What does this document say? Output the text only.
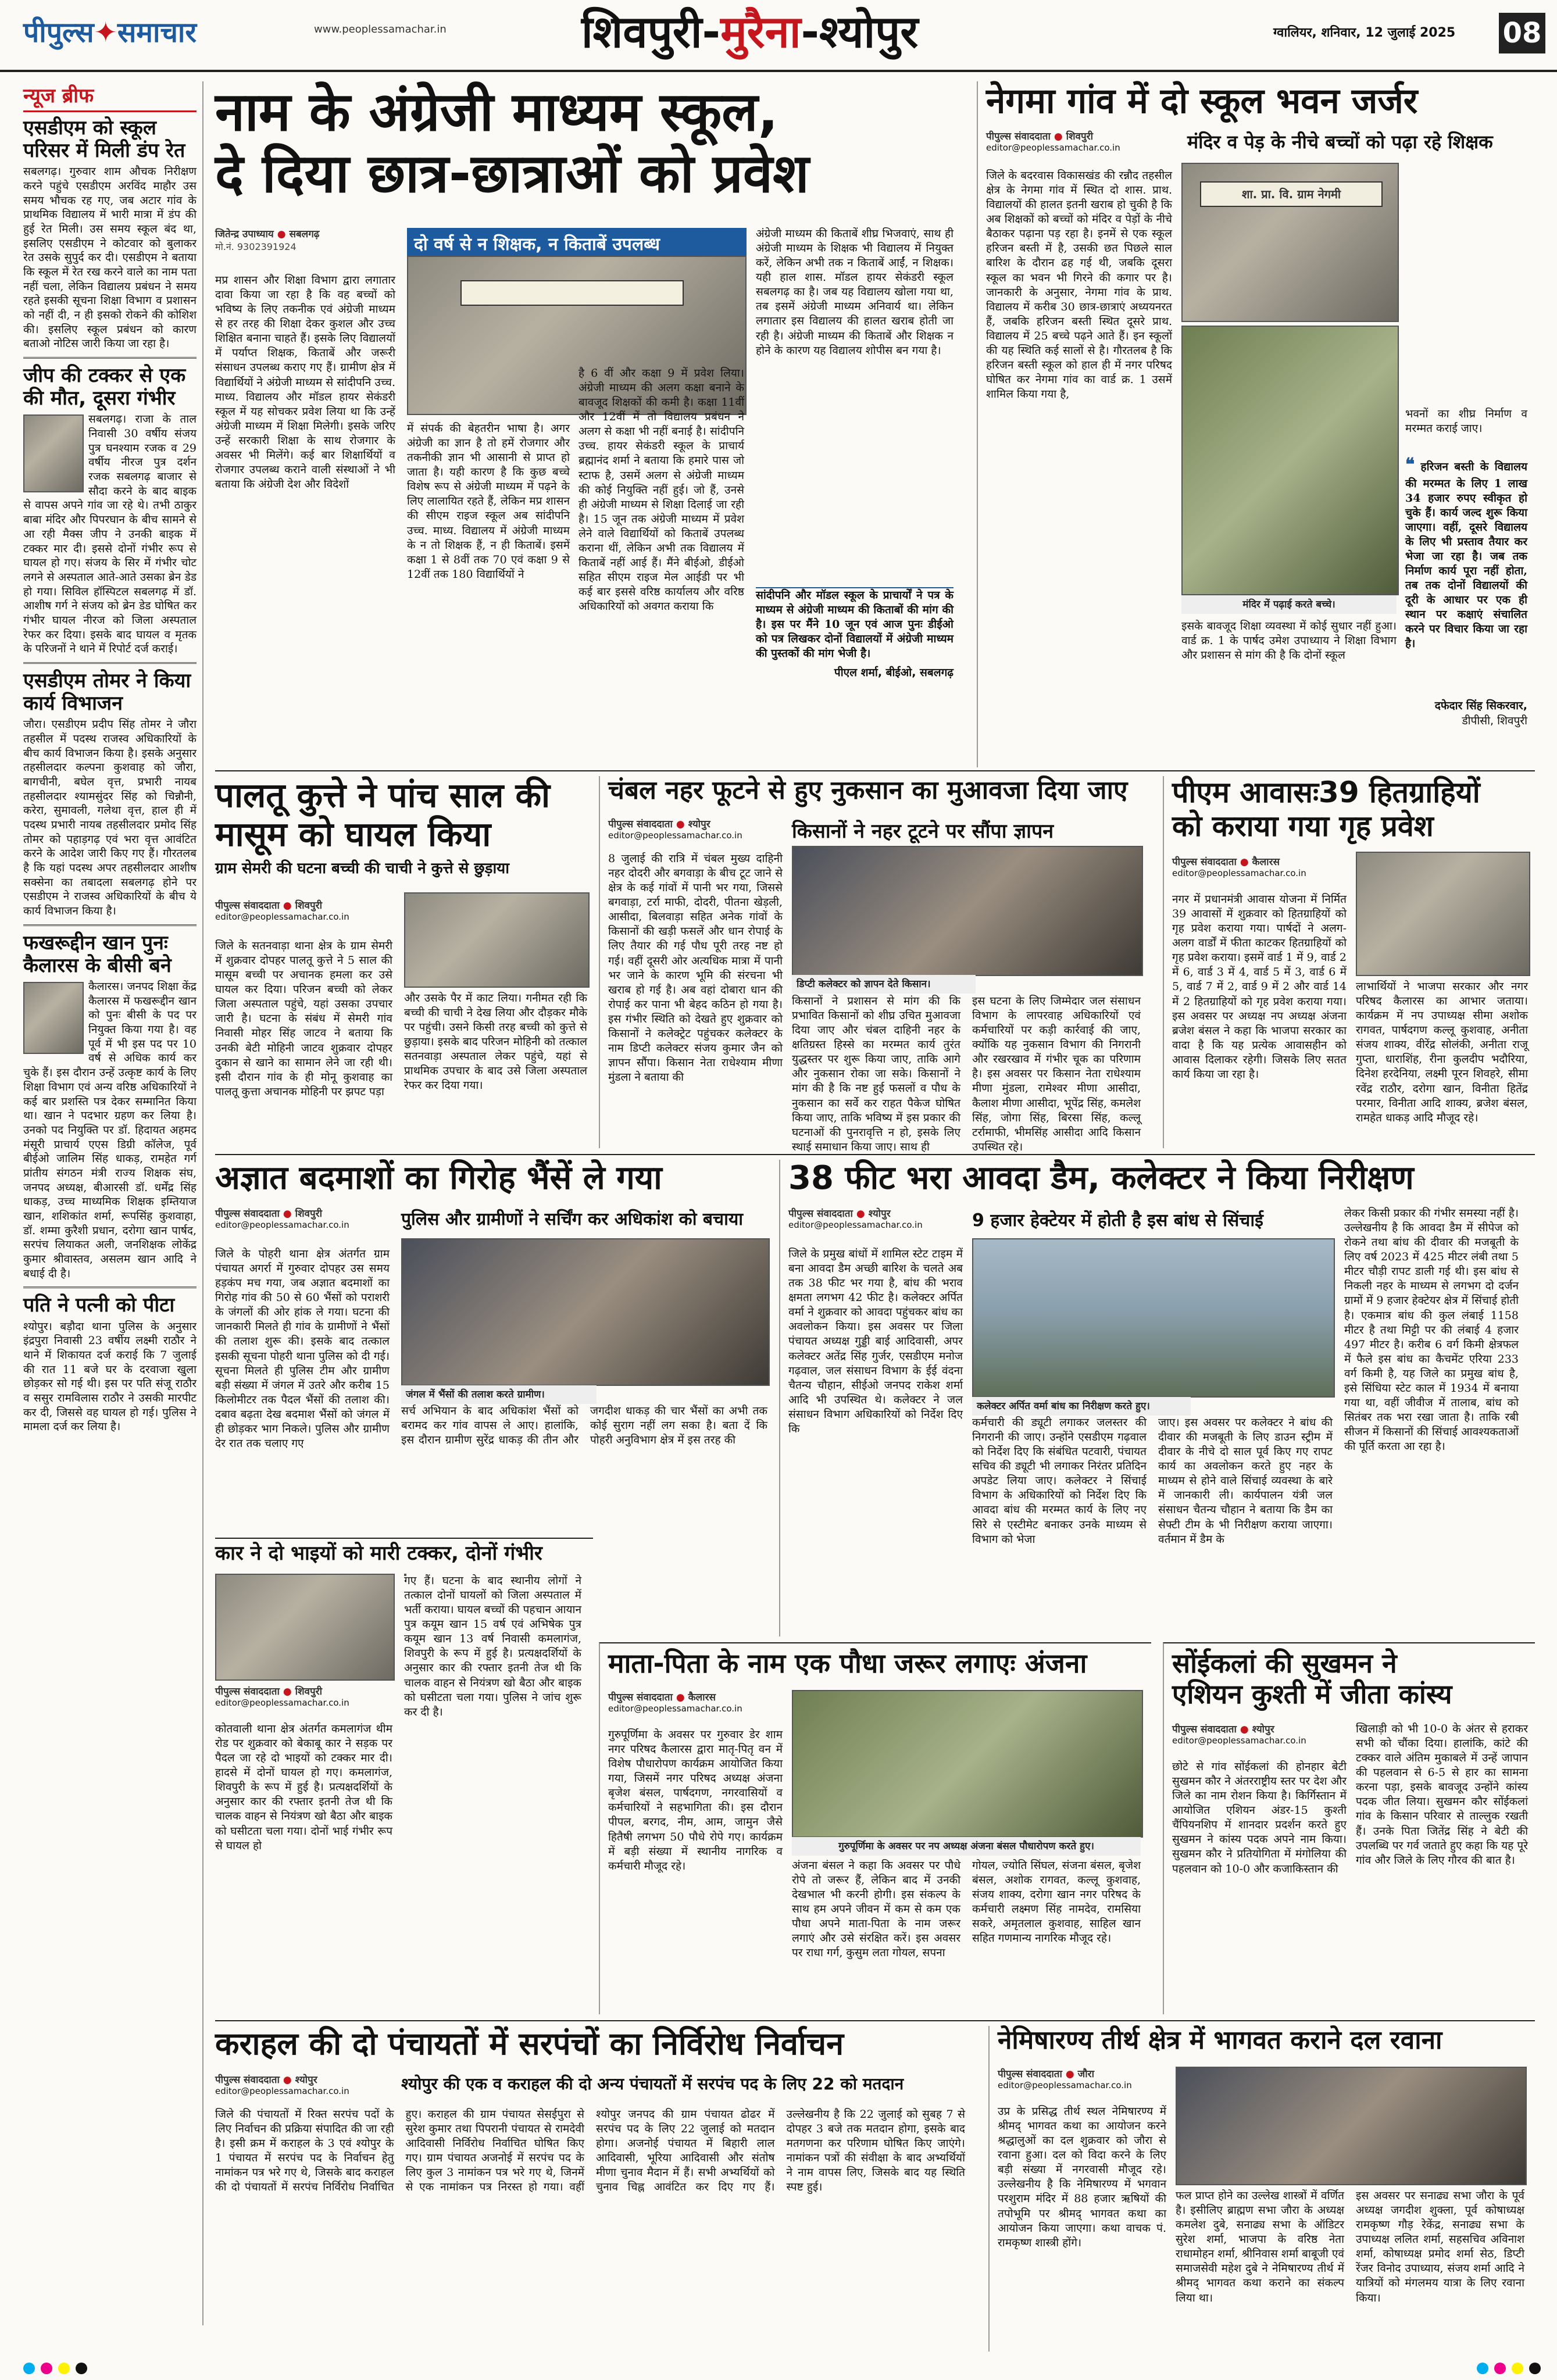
पीपुल्स✦समाचार	www.peoplessamachar.in	शिवपुरी-मुरैना-श्योपुर	ग्वालियर, शनिवार, 12 जुलाई 2025	08
न्यूज ब्रीफ
एसडीएम को स्कूल परिसर में मिली डंप रेत
सबलगढ़। गुरुवार शाम औचक निरीक्षण करने पहुंचे एसडीएम अरविंद माहौर उस समय भौचक रह गए, जब अटार गांव के प्राथमिक विद्यालय में भारी मात्रा में डंप की हुई रेत मिली। उस समय स्कूल बंद था, इसलिए एसडीएम ने कोटवार को बुलाकर रेत उसके सुपुर्द कर दी। एसडीएम ने बताया कि स्कूल में रेत रख करने वाले का नाम पता नहीं चला, लेकिन विद्यालय प्रबंधन ने समय रहते इसकी सूचना शिक्षा विभाग व प्रशासन को नहीं दी, न ही इसको रोकने की कोशिश की। इसलिए स्कूल प्रबंधन को कारण बताओ नोटिस जारी किया जा रहा है।
जीप की टक्कर से एक की मौत, दूसरा गंभीर
सबलगढ़। राजा के ताल निवासी 30 वर्षीय संजय पुत्र घनश्याम रजक व 29 वर्षीय नीरज पुत्र दर्शन रजक सबलगढ़ बाजार से सौदा करने के बाद बाइक से वापस अपने गांव जा रहे थे। तभी ठाकुर बाबा मंदिर और पिपरघान के बीच सामने से आ रही मैक्स जीप ने उनकी बाइक में टक्कर मार दी। इससे दोनों गंभीर रूप से घायल हो गए। संजय के सिर में गंभीर चोट लगने से अस्पताल आते-आते उसका ब्रेन डेड हो गया। सिविल हॉस्पिटल सबलगढ़ में डॉ. आशीष गर्ग ने संजय को ब्रेन डेड घोषित कर गंभीर घायल नीरज को जिला अस्पताल रेफर कर दिया। इसके बाद घायल व मृतक के परिजनों ने थाने में रिपोर्ट दर्ज कराई।
एसडीएम तोमर ने किया कार्य विभाजन
जौरा। एसडीएम प्रदीप सिंह तोमर ने जौरा तहसील में पदस्थ राजस्व अधिकारियों के बीच कार्य विभाजन किया है। इसके अनुसार तहसीलदार कल्पना कुशवाह को जौरा, बागचीनी, बघेल वृत्त, प्रभारी नायब तहसीलदार श्यामसुंदर सिंह को चिन्नौनी, करेरा, सुमावली, गलेथा वृत्त, हाल ही में पदस्थ प्रभारी नायब तहसीलदार प्रमोद सिंह तोमर को पहाड़गढ़ एवं भरा वृत्त आवंटित करने के आदेश जारी किए गए हैं। गौरतलब है कि यहां पदस्थ अपर तहसीलदार आशीष सक्सेना का तबादला सबलगढ़ होने पर एसडीएम ने राजस्व अधिकारियों के बीच ये कार्य विभाजन किया है।
फखरूद्दीन खान पुनः कैलारस के बीसी बने
कैलारस। जनपद शिक्षा केंद्र कैलारस में फखरूद्दीन खान को पुनः बीसी के पद पर नियुक्त किया गया है। वह पूर्व में भी इस पद पर 10 वर्ष से अधिक कार्य कर चुके हैं। इस दौरान उन्हें उत्कृष्ट कार्य के लिए शिक्षा विभाग एवं अन्य वरिष्ठ अधिकारियों ने कई बार प्रशस्ति पत्र देकर सम्मानित किया था। खान ने पदभार ग्रहण कर लिया है। उनको पद नियुक्ति पर डॉ. हिदायत अहमद मंसूरी प्राचार्य एएस डिग्री कॉलेज, पूर्व बीईओ जालिम सिंह धाकड़, रामहेत गर्ग प्रांतीय संगठन मंत्री राज्य शिक्षक संघ, जनपद अध्यक्ष, बीआरसी डॉ. धर्मेंद्र सिंह धाकड़, उच्च माध्यमिक शिक्षक इम्तियाज खान, शशिकांत शर्मा, रूपसिंह कुशवाहा, डॉ. शम्मा कुरैशी प्रधान, दरोगा खान पार्षद, सरपंच लियाकत अली, जनशिक्षक लोकेंद्र कुमार श्रीवास्तव, असलम खान आदि ने बधाई दी है।
पति ने पत्नी को पीटा
श्योपुर। बड़ौदा थाना पुलिस के अनुसार इंद्रपुरा निवासी 23 वर्षीय लक्ष्मी राठौर ने थाने में शिकायत दर्ज कराई कि 7 जुलाई की रात 11 बजे घर के दरवाजा खुला छोड़कर सो गई थी। इस पर पति संजू राठौर व ससुर रामविलास राठौर ने उसकी मारपीट कर दी, जिससे वह घायल हो गई। पुलिस ने मामला दर्ज कर लिया है।
नाम के अंग्रेजी माध्यम स्कूल,
दे दिया छात्र-छात्राओं को प्रवेश
जितेन्द्र उपाध्याय ● सबलगढ़
मो.नं. 9302391924	दो वर्ष से न शिक्षक, न किताबें उपलब्ध
मप्र शासन और शिक्षा विभाग द्वारा लगातार दावा किया जा रहा है कि वह बच्चों को भविष्य के लिए तकनीक एवं अंग्रेजी माध्यम से हर तरह की शिक्षा देकर कुशल और उच्च शिक्षित बनाना चाहते हैं। इसके लिए विद्यालयों में पर्याप्त शिक्षक, किताबें और जरूरी संसाधन उपलब्ध कराए गए हैं। ग्रामीण क्षेत्र में विद्यार्थियों ने अंग्रेजी माध्यम से सांदीपनि उच्च. माध्य. विद्यालय और मॉडल हायर सेकंडरी स्कूल में यह सोचकर प्रवेश लिया था कि उन्हें अंग्रेजी माध्यम में शिक्षा मिलेगी। इसके जरिए उन्हें सरकारी शिक्षा के साथ रोजगार के अवसर भी मिलेंगे। कई बार शिक्षार्थियों व रोजगार उपलब्ध कराने वाली संस्थाओं ने भी बताया कि अंग्रेजी देश और विदेशों
में संपर्क की बेहतरीन भाषा है। अगर अंग्रेजी का ज्ञान है तो हमें रोजगार और तकनीकी ज्ञान भी आसानी से प्राप्त हो जाता है। यही कारण है कि कुछ बच्चे विशेष रूप से अंग्रेजी माध्यम में पढ़ने के लिए लालायित रहते हैं, लेकिन मप्र शासन की सीएम राइज स्कूल अब सांदीपनि उच्च. माध्य. विद्यालय में अंग्रेजी माध्यम के न तो शिक्षक हैं, न ही किताबें। इसमें कक्षा 1 से 8वीं तक 70 एवं कक्षा 9 से 12वीं तक 180 विद्यार्थियों ने
है 6 वीं और कक्षा 9 में प्रवेश लिया। अंग्रेजी माध्यम की अलग कक्षा बनाने के बावजूद शिक्षकों की कमी है। कक्षा 11वीं और 12वीं में तो विद्यालय प्रबंधन ने अलग से कक्षा भी नहीं बनाई है। सांदीपनि उच्च. हायर सेकंडरी स्कूल के प्राचार्य ब्रह्मानंद शर्मा ने बताया कि हमारे पास जो स्टाफ है, उसमें अलग से अंग्रेजी माध्यम की कोई नियुक्ति नहीं हुई। जो हैं, उनसे ही अंग्रेजी माध्यम से शिक्षा दिलाई जा रही है। 15 जून तक अंग्रेजी माध्यम में प्रवेश लेने वाले विद्यार्थियों को किताबें उपलब्ध कराना थीं, लेकिन अभी तक विद्यालय में किताबें नहीं आई हैं। मैंने बीईओ, डीईओ सहित सीएम राइज मेल आईडी पर भी कई बार इससे वरिष्ठ कार्यालय और वरिष्ठ अधिकारियों को अवगत कराया कि
अंग्रेजी माध्यम की किताबें शीघ्र भिजवाएं, साथ ही अंग्रेजी माध्यम के शिक्षक भी विद्यालय में नियुक्त करें, लेकिन अभी तक न किताबें आईं, न शिक्षक। यही हाल शास. मॉडल हायर सेकंडरी स्कूल सबलगढ़ का है। जब यह विद्यालय खोला गया था, तब इसमें अंग्रेजी माध्यम अनिवार्य था। लेकिन लगातार इस विद्यालय की हालत खराब होती जा रही है। अंग्रेजी माध्यम की किताबें और शिक्षक न होने के कारण यह विद्यालय शोपीस बन गया है।
सांदीपनि और मॉडल स्कूल के प्राचार्यों ने पत्र के माध्यम से अंग्रेजी माध्यम की किताबों की मांग की है। इस पर मैंने 10 जून एवं आज पुनः डीईओ को पत्र लिखकर दोनों विद्यालयों में अंग्रेजी माध्यम की पुस्तकों की मांग भेजी है।
पीएल शर्मा, बीईओ, सबलगढ़
नेगमा गांव में दो स्कूल भवन जर्जर
पीपुल्स संवाददाता ● शिवपुरी
editor@peoplessamachar.co.in	मंदिर व पेड़ के नीचे बच्चों को पढ़ा रहे शिक्षक
जिले के बदरवास विकासखंड की रन्नौद तहसील क्षेत्र के नेगमा गांव में स्थित दो शास. प्राथ. विद्यालयों की हालत इतनी खराब हो चुकी है कि अब शिक्षकों को बच्चों को मंदिर व पेड़ों के नीचे बैठाकर पढ़ाना पड़ रहा है। इनमें से एक स्कूल हरिजन बस्ती में है, उसकी छत पिछले साल बारिश के दौरान ढह गई थी, जबकि दूसरा स्कूल का भवन भी गिरने की कगार पर है। जानकारी के अनुसार, नेगमा गांव के प्राथ. विद्यालय में करीब 30 छात्र-छात्राएं अध्ययनरत हैं, जबकि हरिजन बस्ती स्थित दूसरे प्राथ. विद्यालय में 25 बच्चे पढ़ने आते हैं। इन स्कूलों की यह स्थिति कई सालों से है। गौरतलब है कि हरिजन बस्ती स्कूल को हाल ही में नगर परिषद घोषित कर नेगमा गांव का वार्ड क्र. 1 उसमें शामिल किया गया है,
शा. प्रा. वि. ग्राम नेगमी
भवनों का शीघ्र निर्माण व मरम्मत कराई जाए।
मंदिर में पढ़ाई करते बच्चे।
❝ हरिजन बस्ती के विद्यालय की मरम्मत के लिए 1 लाख 34 हजार रुपए स्वीकृत हो चुके हैं। कार्य जल्द शुरू किया जाएगा। वहीं, दूसरे विद्यालय के लिए भी प्रस्ताव तैयार कर भेजा जा रहा है। जब तक निर्माण कार्य पूरा नहीं होता, तब तक दोनों विद्यालयों की दूरी के आधार पर एक ही स्थान पर कक्षाएं संचालित करने पर विचार किया जा रहा है।
इसके बावजूद शिक्षा व्यवस्था में कोई सुधार नहीं हुआ। वार्ड क्र. 1 के पार्षद उमेश उपाध्याय ने शिक्षा विभाग और प्रशासन से मांग की है कि दोनों स्कूल
दफेदार सिंह सिकरवार,
डीपीसी, शिवपुरी
पालतू कुत्ते ने पांच साल की
मासूम को घायल किया
ग्राम सेमरी की घटना बच्ची की चाची ने कुत्ते से छुड़ाया
पीपुल्स संवाददाता ● शिवपुरी
editor@peoplessamachar.co.in
जिले के सतनवाड़ा थाना क्षेत्र के ग्राम सेमरी में शुक्रवार दोपहर पालतू कुत्ते ने 5 साल की मासूम बच्ची पर अचानक हमला कर उसे घायल कर दिया। परिजन बच्ची को लेकर जिला अस्पताल पहुंचे, यहां उसका उपचार जारी है। घटना के संबंध में सेमरी गांव निवासी मोहर सिंह जाटव ने बताया कि उनकी बेटी मोहिनी जाटव शुक्रवार दोपहर दुकान से खाने का सामान लेने जा रही थी। इसी दौरान गांव के ही मोनू कुशवाह का पालतू कुत्ता अचानक मोहिनी पर झपट पड़ा
और उसके पैर में काट लिया। गनीमत रही कि बच्ची की चाची ने देख लिया और दौड़कर मौके पर पहुंची। उसने किसी तरह बच्ची को कुत्ते से छुड़ाया। इसके बाद परिजन मोहिनी को तत्काल सतनवाड़ा अस्पताल लेकर पहुंचे, यहां से प्राथमिक उपचार के बाद उसे जिला अस्पताल रेफर कर दिया गया।
चंबल नहर फूटने से हुए नुकसान का मुआवजा दिया जाए
पीपुल्स संवाददाता ● श्योपुर
editor@peoplessamachar.co.in	किसानों ने नहर टूटने पर सौंपा ज्ञापन
8 जुलाई की रात्रि में चंबल मुख्य दाहिनी नहर दोदरी और बगवाड़ा के बीच टूट जाने से क्षेत्र के कई गांवों में पानी भर गया, जिससे बगवाड़ा, टर्रा माफी, दोदरी, पीतना खेड़ली, आसीदा, बिलवाड़ा सहित अनेक गांवों के किसानों की खड़ी फसलें और धान रोपाई के लिए तैयार की गई पौध पूरी तरह नष्ट हो गई। वहीं दूसरी ओर अत्यधिक मात्रा में पानी भर जाने के कारण भूमि की संरचना भी खराब हो गई है। अब वहां दोबारा धान की रोपाई कर पाना भी बेहद कठिन हो गया है। इस गंभीर स्थिति को देखते हुए शुक्रवार को किसानों ने कलेक्ट्रेट पहुंचकर कलेक्टर के नाम डिप्टी कलेक्टर संजय कुमार जैन को ज्ञापन सौंपा। किसान नेता राधेश्याम मीणा मुंडला ने बताया की
डिप्टी कलेक्टर को ज्ञापन देते किसान।
किसानों ने प्रशासन से मांग की कि प्रभावित किसानों को शीघ्र उचित मुआवजा दिया जाए और चंबल दाहिनी नहर के क्षतिग्रस्त हिस्से का मरम्मत कार्य तुरंत युद्धस्तर पर शुरू किया जाए, ताकि आगे और नुकसान रोका जा सके। किसानों ने मांग की है कि नष्ट हुई फसलों व पौध के नुकसान का सर्वे कर राहत पैकेज घोषित किया जाए, ताकि भविष्य में इस प्रकार की घटनाओं की पुनरावृत्ति न हो, इसके लिए स्थाई समाधान किया जाए। साथ ही
इस घटना के लिए जिम्मेदार जल संसाधन विभाग के लापरवाह अधिकारियों एवं कर्मचारियों पर कड़ी कार्रवाई की जाए, क्योंकि यह नुकसान विभाग की निगरानी और रखरखाव में गंभीर चूक का परिणाम है। इस अवसर पर किसान नेता राधेश्याम मीणा मुंडला, रामेश्वर मीणा आसीदा, कैलाश मीणा आसीदा, भूपेंद्र सिंह, कमलेश सिंह, जोगा सिंह, बिरसा सिंह, कल्लू टर्रामाफी, भीमसिंह आसीदा आदि किसान उपस्थित रहे।
पीएम आवासः39 हितग्राहियों
को कराया गया गृह प्रवेश
पीपुल्स संवाददाता ● कैलारस
editor@peoplessamachar.co.in
नगर में प्रधानमंत्री आवास योजना में निर्मित 39 आवासों में शुक्रवार को हितग्राहियों को गृह प्रवेश कराया गया। पार्षदों ने अलग-अलग वार्डों में फीता काटकर हितग्राहियों को गृह प्रवेश कराया। इसमें वार्ड 1 में 9, वार्ड 2 में 6, वार्ड 3 में 4, वार्ड 5 में 3, वार्ड 6 में 5, वार्ड 7 में 2, वार्ड 9 में 2 और वार्ड 14 में 2 हितग्राहियों को गृह प्रवेश कराया गया। इस अवसर पर अध्यक्ष नप अध्यक्ष अंजना ब्रजेश बंसल ने कहा कि भाजपा सरकार का वादा है कि यह प्रत्येक आवासहीन को आवास दिलाकर रहेगी। जिसके लिए सतत कार्य किया जा रहा है।
लाभार्थियों ने भाजपा सरकार और नगर परिषद कैलारस का आभार जताया। कार्यक्रम में नप उपाध्यक्ष सीमा अशोक रागवत, पार्षदगण कल्लू कुशवाह, अनीता संजय शाक्य, वीरेंद्र सोलंकी, अनीता राजू गुप्ता, धाराशिंह, रीना कुलदीप भदौरिया, दिनेश हरदेनिया, लक्ष्मी पूरन शिवहरे, सीमा रवेंद्र राठौर, दरोगा खान, विनीता हितेंद्र परमार, विनीता आदि शाक्य, ब्रजेश बंसल, रामहेत धाकड़ आदि मौजूद रहे।
अज्ञात बदमाशों का गिरोह भैंसें ले गया
पीपुल्स संवाददाता ● शिवपुरी
editor@peoplessamachar.co.in	पुलिस और ग्रामीणों ने सर्चिंग कर अधिकांश को बचाया
जिले के पोहरी थाना क्षेत्र अंतर्गत ग्राम पंचायत अगर्रा में गुरुवार दोपहर उस समय हड़कंप मच गया, जब अज्ञात बदमाशों का गिरोह गांव की 50 से 60 भैंसों को पराशरी के जंगलों की ओर हांक ले गया। घटना की जानकारी मिलते ही गांव के ग्रामीणों ने भैंसों की तलाश शुरू की। इसके बाद तत्काल इसकी सूचना पोहरी थाना पुलिस को दी गई। सूचना मिलते ही पुलिस टीम और ग्रामीण बड़ी संख्या में जंगल में उतरे और करीब 15 किलोमीटर तक पैदल भैंसों की तलाश की। दबाव बढ़ता देख बदमाश भैंसों को जंगल में ही छोड़कर भाग निकले। पुलिस और ग्रामीण देर रात तक चलाए गए
जंगल में भैंसों की तलाश करते ग्रामीण।
सर्च अभियान के बाद अधिकांश भैंसों को बरामद कर गांव वापस ले आए। हालांकि, इस दौरान ग्रामीण सुरेंद्र धाकड़ की तीन और जगदीश धाकड़ की चार भैंसों का अभी तक कोई सुराग नहीं लग सका है। बता दें कि पोहरी अनुविभाग क्षेत्र में इस तरह की
38 फीट भरा आवदा डैम, कलेक्टर ने किया निरीक्षण
पीपुल्स संवाददाता ● श्योपुर
editor@peoplessamachar.co.in	9 हजार हेक्टेयर में होती है इस बांध से सिंचाई
जिले के प्रमुख बांधों में शामिल स्टेट टाइम में बना आवदा डैम अच्छी बारिश के चलते अब तक 38 फीट भर गया है, बांध की भराव क्षमता लगभग 42 फीट है। कलेक्टर अर्पित वर्मा ने शुक्रवार को आवदा पहुंचकर बांध का अवलोकन किया। इस अवसर पर जिला पंचायत अध्यक्ष गुड्डी बाई आदिवासी, अपर कलेक्टर अतेंद्र सिंह गुर्जर, एसडीएम मनोज गढ़वाल, जल संसाधन विभाग के ईई वंदना चैतन्य चौहान, सीईओ जनपद राकेश शर्मा आदि भी उपस्थित थे। कलेक्टर ने जल संसाधन विभाग अधिकारियों को निर्देश दिए कि
कलेक्टर अर्पित वर्मा बांध का निरीक्षण करते हुए।
कर्मचारी की ड्यूटी लगाकर जलस्तर की निगरानी की जाए। उन्होंने एसडीएम गढ़वाल को निर्देश दिए कि संबंधित पटवारी, पंचायत सचिव की ड्यूटी भी लगाकर निरंतर प्रतिदिन अपडेट लिया जाए। कलेक्टर ने सिंचाई विभाग के अधिकारियों को निर्देश दिए कि आवदा बांध की मरम्मत कार्य के लिए नए सिरे से एस्टीमेट बनाकर उनके माध्यम से विभाग को भेजा
जाए। इस अवसर पर कलेक्टर ने बांध की दीवार की मजबूती के लिए डाउन स्ट्रीम में दीवार के नीचे दो साल पूर्व किए गए रापट कार्य का अवलोकन करते हुए नहर के माध्यम से होने वाले सिंचाई व्यवस्था के बारे में जानकारी ली। कार्यपालन यंत्री जल संसाधन चैतन्य चौहान ने बताया कि डैम का सेफ्टी टीम के भी निरीक्षण कराया जाएगा। वर्तमान में डैम के
लेकर किसी प्रकार की गंभीर समस्या नहीं है। उल्लेखनीय है कि आवदा डैम में सीपेज को रोकने तथा बांध की दीवार की मजबूती के लिए वर्ष 2023 में 425 मीटर लंबी तथा 5 मीटर चौड़ी रापट डाली गई थी। इस बांध से निकली नहर के माध्यम से लगभग दो दर्जन ग्रामों में 9 हजार हेक्टेयर क्षेत्र में सिंचाई होती है। एकमात्र बांध की कुल लंबाई 1158 मीटर है तथा मिट्टी पर की लंबाई 4 हजार 497 मीटर है। करीब 6 वर्ग किमी क्षेत्रफल में फैले इस बांध का कैचमेंट एरिया 233 वर्ग किमी है, यह जिले का प्रमुख बांध है, इसे सिंधिया स्टेट काल में 1934 में बनाया गया था, वहीं जीवीज में तालाब, बांध को सितंबर तक भरा रखा जाता है। ताकि रबी सीजन में किसानों की सिंचाई आवश्यकताओं की पूर्ति करता आ रहा है।
कार ने दो भाइयों को मारी टक्कर, दोनों गंभीर
पीपुल्स संवाददाता ● शिवपुरी
editor@peoplessamachar.co.in
कोतवाली थाना क्षेत्र अंतर्गत कमलागंज थीम रोड पर शुक्रवार को बेकाबू कार ने सड़क पर पैदल जा रहे दो भाइयों को टक्कर मार दी। हादसे में दोनों घायल हो गए। कमलागंज, शिवपुरी के रूप में हुई है। प्रत्यक्षदर्शियों के अनुसार कार की रफ्तार इतनी तेज थी कि चालक वाहन से नियंत्रण खो बैठा और बाइक को घसीटता चला गया। दोनों भाई गंभीर रूप से घायल हो
गए हैं। घटना के बाद स्थानीय लोगों ने तत्काल दोनों घायलों को जिला अस्पताल में भर्ती कराया। घायल बच्चों की पहचान आयान पुत्र कयूम खान 15 वर्ष एवं अभिषेक पुत्र कयूम खान 13 वर्ष निवासी कमलागंज, शिवपुरी के रूप में हुई है। प्रत्यक्षदर्शियों के अनुसार कार की रफ्तार इतनी तेज थी कि चालक वाहन से नियंत्रण खो बैठा और बाइक को घसीटता चला गया। पुलिस ने जांच शुरू कर दी है।
माता-पिता के नाम एक पौधा जरूर लगाएः अंजना
पीपुल्स संवाददाता ● कैलारस
editor@peoplessamachar.co.in
गुरुपूर्णिमा के अवसर पर गुरुवार डेर शाम नगर परिषद कैलारस द्वारा मातृ-पितृ वन में विशेष पौधारोपण कार्यक्रम आयोजित किया गया, जिसमें नगर परिषद अध्यक्ष अंजना बृजेश बंसल, पार्षदगण, नगरवासियों व कर्मचारियों ने सहभागिता की। इस दौरान पीपल, बरगद, नीम, आम, जामुन जैसे हितैषी लगभग 50 पौधे रोपे गए। कार्यक्रम में बड़ी संख्या में स्थानीय नागरिक व कर्मचारी मौजूद रहे।
गुरुपूर्णिमा के अवसर पर नप अध्यक्ष अंजना बंसल पौधारोपण करते हुए।
अंजना बंसल ने कहा कि अवसर पर पौधे रोपे तो जरूर हैं, लेकिन बाद में उनकी देखभाल भी करनी होगी। इस संकल्प के साथ हम अपने जीवन में कम से कम एक पौधा अपने माता-पिता के नाम जरूर लगाएं और उसे संरक्षित करें। इस अवसर पर राधा गर्ग, कुसुम लता गोयल, सपना
गोयल, ज्योति सिंघल, संजना बंसल, बृजेश बंसल, अशोक रागवत, कल्लू कुशवाह, संजय शाक्य, दरोगा खान नगर परिषद के कर्मचारी लक्ष्मण सिंह नामदेव, रामसिया सकरे, अमृतलाल कुशवाह, साहिल खान सहित गणमान्य नागरिक मौजूद रहे।
सोंईकलां की सुखमन ने
एशियन कुश्ती में जीता कांस्य
पीपुल्स संवाददाता ● श्योपुर
editor@peoplessamachar.co.in
छोटे से गांव सोंईकलां की होनहार बेटी सुखमन कौर ने अंतरराष्ट्रीय स्तर पर देश और जिले का नाम रोशन किया है। किर्गिस्तान में आयोजित एशियन अंडर-15 कुश्ती चैंपियनशिप में शानदार प्रदर्शन करते हुए सुखमन ने कांस्य पदक अपने नाम किया। सुखमन कौर ने प्रतियोगिता में मंगोलिया की पहलवान को 10-0 और कजाकिस्तान की
खिलाड़ी को भी 10-0 के अंतर से हराकर सभी को चौंका दिया। हालांकि, कांटे की टक्कर वाले अंतिम मुकाबले में उन्हें जापान की पहलवान से 6-5 से हार का सामना करना पड़ा, इसके बावजूद उन्होंने कांस्य पदक जीत लिया। सुखमन कौर सोंईकलां गांव के किसान परिवार से ताल्लुक रखती हैं। उनके पिता जितेंद्र सिंह ने बेटी की उपलब्धि पर गर्व जताते हुए कहा कि यह पूरे गांव और जिले के लिए गौरव की बात है।
कराहल की दो पंचायतों में सरपंचों का निर्विरोध निर्वाचन
पीपुल्स संवाददाता ● श्योपुर
editor@peoplessamachar.co.in	श्योपुर की एक व कराहल की दो अन्य पंचायतों में सरपंच पद के लिए 22 को मतदान
जिले की पंचायतों में रिक्त सरपंच पदों के लिए निर्वाचन की प्रक्रिया संपादित की जा रही है। इसी क्रम में कराहल के 3 एवं श्योपुर के 1 पंचायत में सरपंच पद के निर्वाचन हेतु नामांकन पत्र भरे गए थे, जिसके बाद कराहल की दो पंचायतों में सरपंच निर्विरोध निर्वाचित हुए। कराहल की ग्राम पंचायत सेसईपुरा से सुरेश कुमार तथा पिपरानी पंचायत से रामदेवी आदिवासी निर्विरोध निर्वाचित घोषित किए गए। ग्राम पंचायत अजनोई में सरपंच पद के लिए कुल 3 नामांकन पत्र भरे गए थे, जिनमें से एक नामांकन पत्र निरस्त हो गया। वहीं श्योपुर जनपद की ग्राम पंचायत ढोढर में सरपंच पद के लिए 22 जुलाई को मतदान होगा। अजनोई पंचायत में बिहारी लाल आदिवासी, भूरिया आदिवासी और संतोष मीणा चुनाव मैदान में हैं। सभी अभ्यर्थियों को चुनाव चिह्न आवंटित कर दिए गए हैं। उल्लेखनीय है कि 22 जुलाई को सुबह 7 से दोपहर 3 बजे तक मतदान होगा, इसके बाद मतगणना कर परिणाम घोषित किए जाएंगे। नामांकन पत्रों की संवीक्षा के बाद अभ्यर्थियों ने नाम वापस लिए, जिसके बाद यह स्थिति स्पष्ट हुई।
नेमिषारण्य तीर्थ क्षेत्र में भागवत कराने दल रवाना
पीपुल्स संवाददाता ● जौरा
editor@peoplessamachar.co.in
उप्र के प्रसिद्ध तीर्थ स्थल नेमिषारण्य में श्रीमद् भागवत कथा का आयोजन करने श्रद्धालुओं का दल शुक्रवार को जौरा से रवाना हुआ। दल को विदा करने के लिए बड़ी संख्या में नगरवासी मौजूद रहे। उल्लेखनीय है कि नेमिषारण्य में भगवान परशुराम मंदिर में 88 हजार ऋषियों की तपोभूमि पर श्रीमद् भागवत कथा का आयोजन किया जाएगा। कथा वाचक पं. रामकृष्ण शास्त्री होंगे।
फल प्राप्त होने का उल्लेख शास्त्रों में वर्णित है। इसीलिए ब्राह्मण सभा जौरा के अध्यक्ष कमलेश दुबे, सनाढ्य सभा के ऑडिटर सुरेश शर्मा, भाजपा के वरिष्ठ नेता राधामोहन शर्मा, श्रीनिवास शर्मा बाबूजी एवं समाजसेवी महेश दुबे ने नेमिषारण्य तीर्थ में श्रीमद् भागवत कथा कराने का संकल्प लिया था।
इस अवसर पर सनाढ्य सभा जौरा के पूर्व अध्यक्ष जगदीश शुक्ला, पूर्व कोषाध्यक्ष रामकृष्ण गौड़ रेकेंद्र, सनाढ्य सभा के उपाध्यक्ष ललित शर्मा, सहसचिव अविनाश शर्मा, कोषाध्यक्ष प्रमोद शर्मा सेठ, डिप्टी रेंजर विनोद उपाध्याय, संजय शर्मा आदि ने यात्रियों को मंगलमय यात्रा के लिए रवाना किया।
